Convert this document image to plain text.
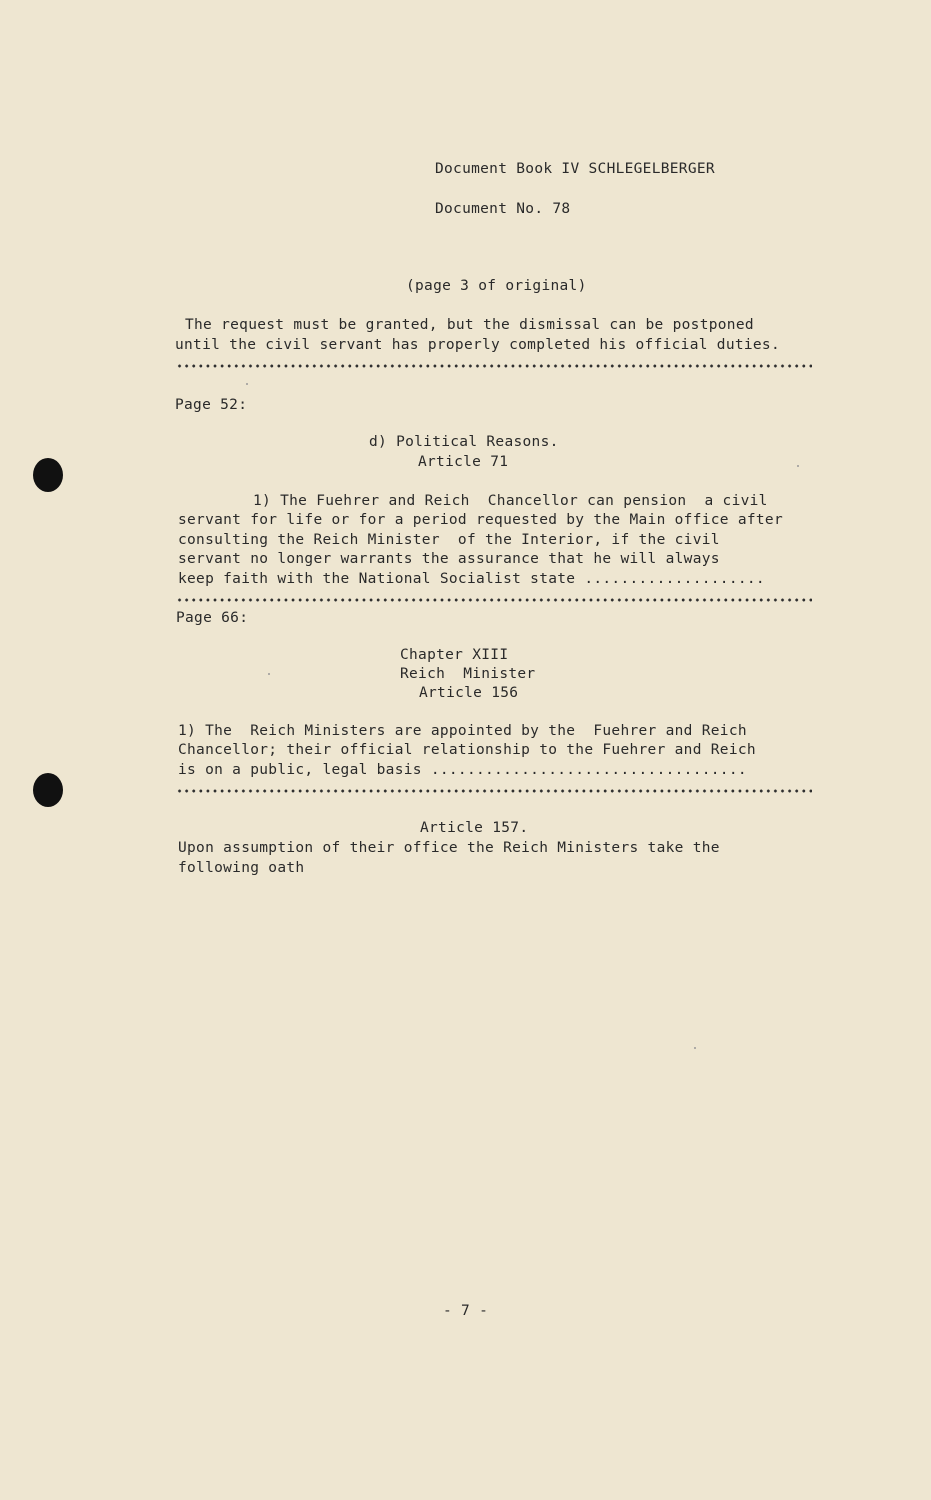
Document Book IV SCHLEGELBERGER
Document No. 78
(page 3 of original)
The request must be granted, but the dismissal can be postponed
until the civil servant has properly completed his official duties.
Page 52:
d) Political Reasons.
Article 71
1) The Fuehrer and Reich  Chancellor can pension  a civil
servant for life or for a period requested by the Main office after
consulting the Reich Minister  of the Interior, if the civil
servant no longer warrants the assurance that he will always
keep faith with the National Socialist state ....................
Page 66:
Chapter XIII
Reich  Minister
Article 156
1) The  Reich Ministers are appointed by the  Fuehrer and Reich
Chancellor; their official relationship to the Fuehrer and Reich
is on a public, legal basis ...................................
Article 157.
Upon assumption of their office the Reich Ministers take the
following oath
- 7 -
